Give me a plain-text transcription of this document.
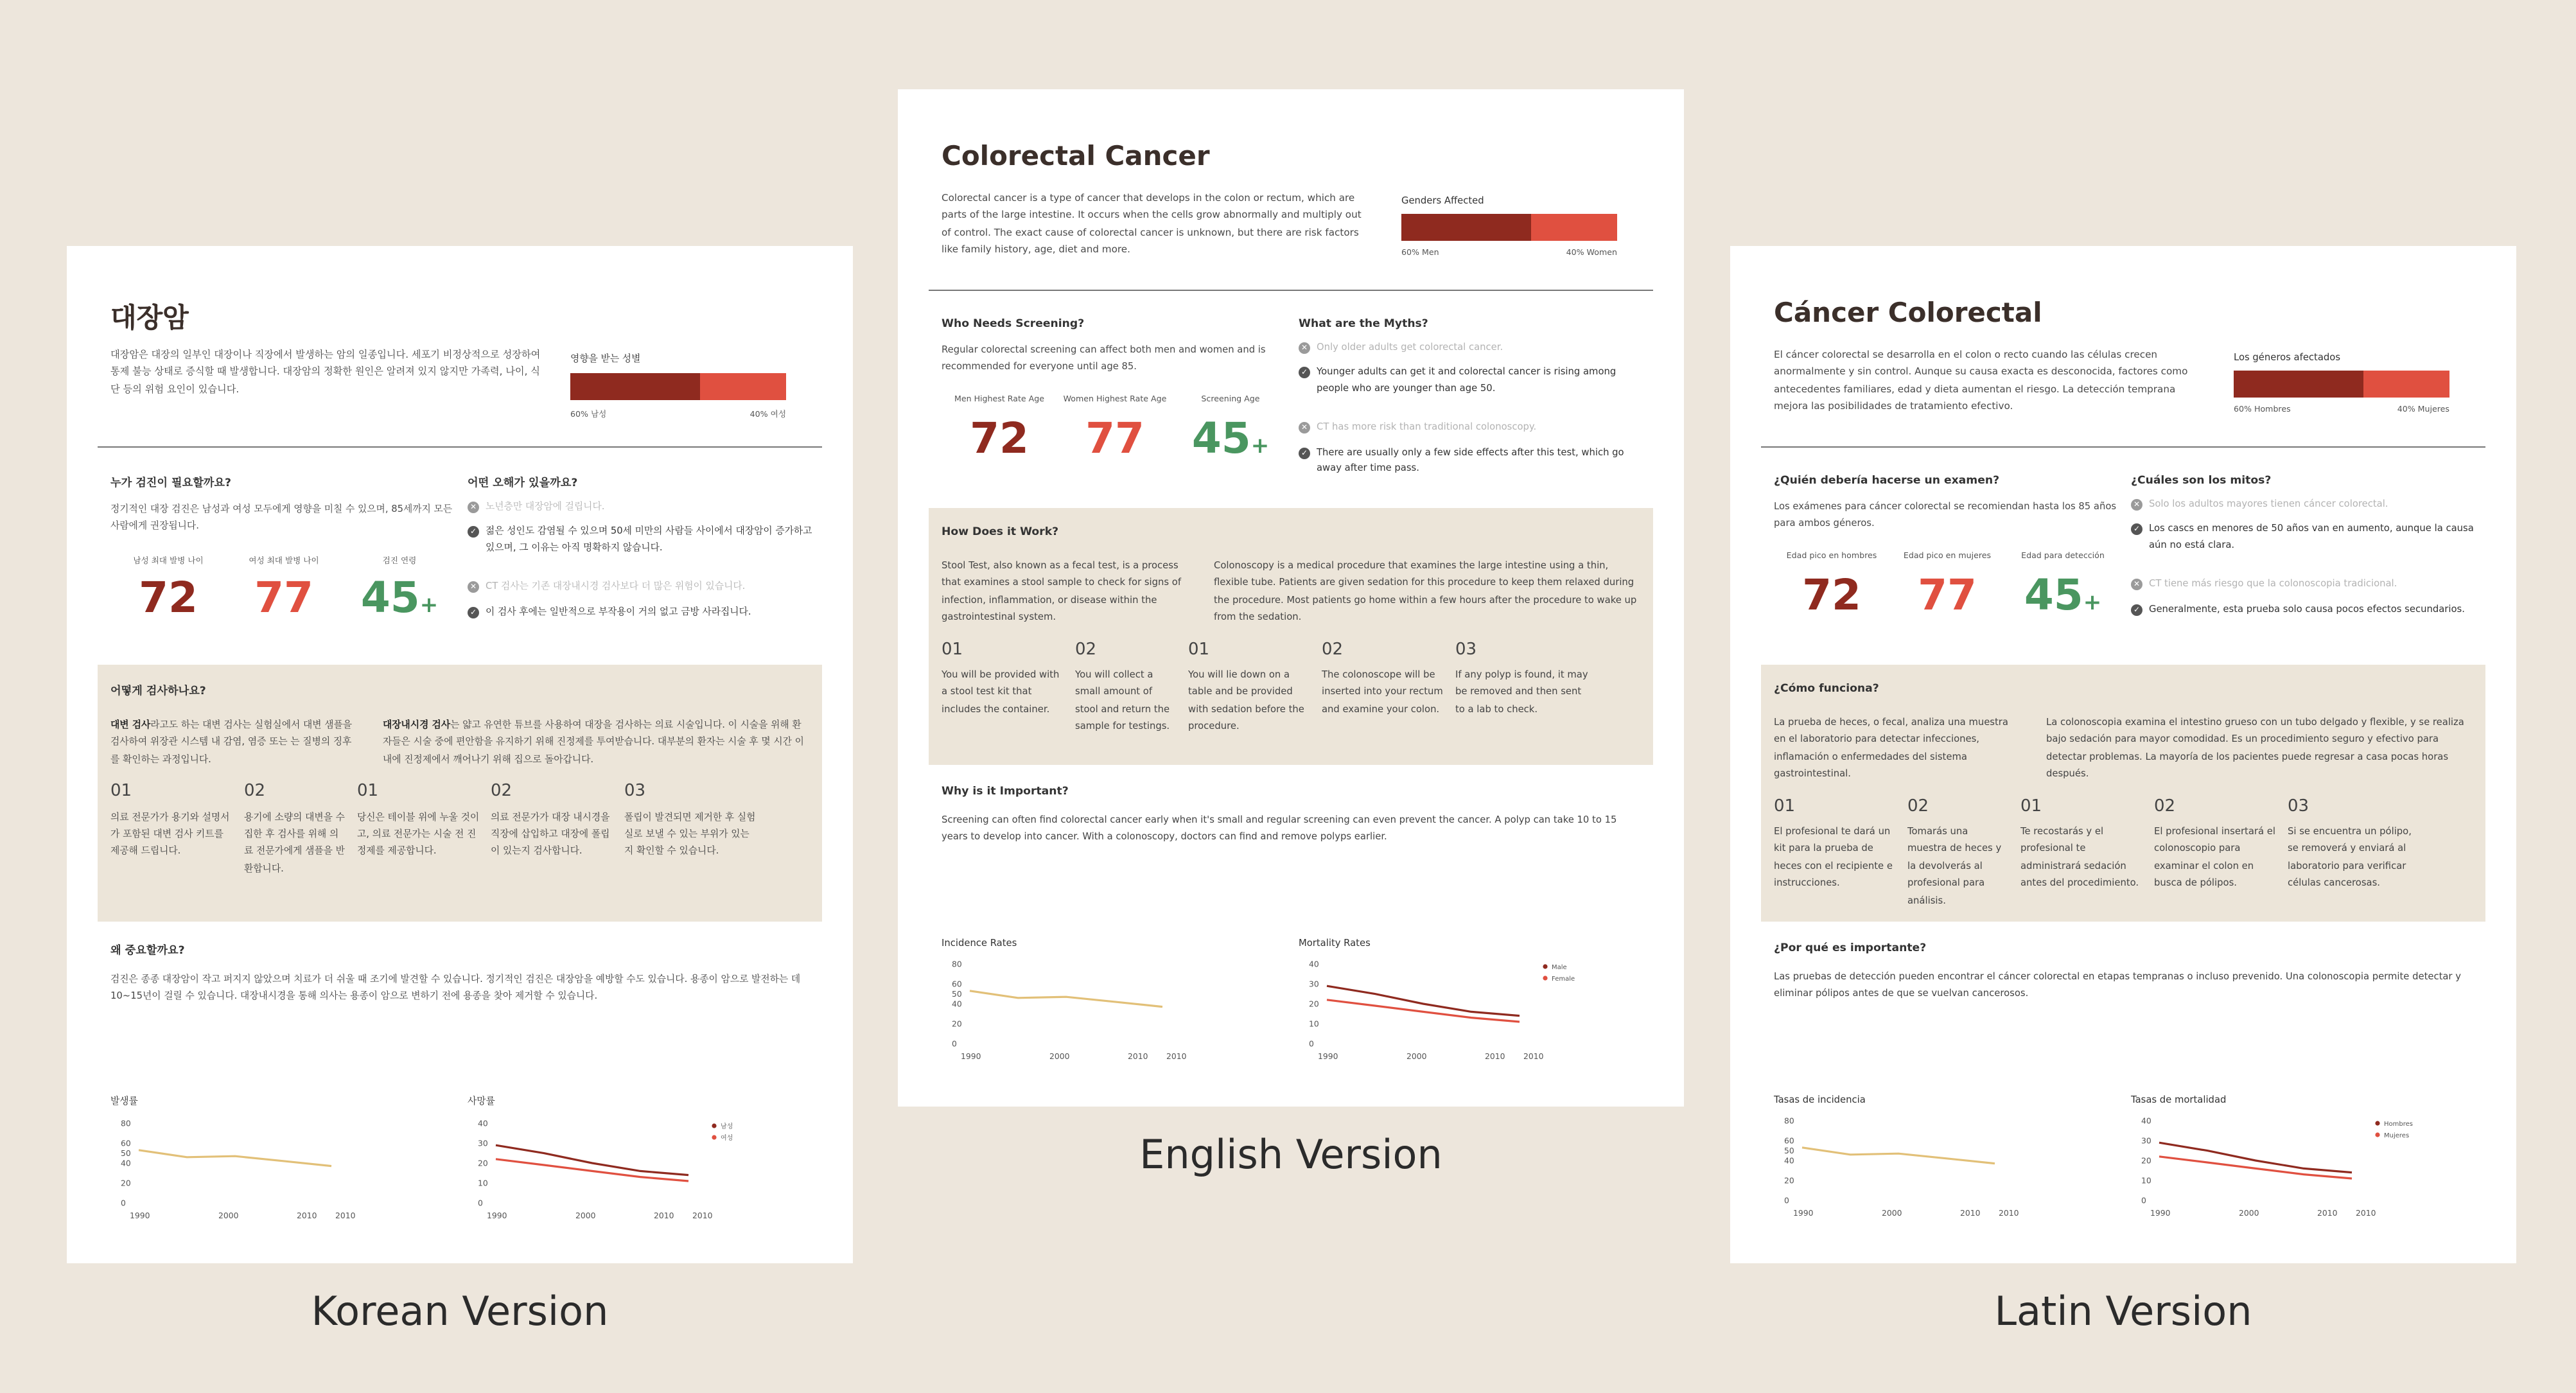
대장암
대장암은 대장의 일부인 대장이나 직장에서 발생하는 암의 일종입니다. 세포기 비정상적으로 성장하여 통제 불능 상태로 증식할 때 발생합니다. 대장암의 정확한 원인은 알려져 있지 않지만 가족력, 나이, 식단 등의 위험 요인이 있습니다.
영향을 받는 성별
60% 남성	40% 여성
누가 검진이 필요할까요?
정기적인 대장 검진은 남성과 여성 모두에게 영향을 미칠 수 있으며, 85세까지 모든 사람에게 권장됩니다.
남성 최대 발병 나이
72
여성 최대 발병 나이
77
검진 연령
45+
어떤 오해가 있을까요?
✕	노년층만 대장암에 걸립니다.
✓	젊은 성인도 감염될 수 있으며 50세 미만의 사람들 사이에서 대장암이 증가하고 있으며, 그 이유는 아직 명확하지 않습니다.
✕	CT 검사는 기존 대장내시경 검사보다 더 많은 위험이 있습니다.
✓	이 검사 후에는 일반적으로 부작용이 거의 없고 금방 사라집니다.
어떻게 검사하나요?
대변 검사라고도 하는 대변 검사는 실험실에서 대변 샘플을 검사하여 위장관 시스템 내 감염, 염증 또는 는 질병의 징후를 확인하는 과정입니다.
대장내시경 검사는 얇고 유연한 튜브를 사용하여 대장을 검사하는 의료 시술입니다. 이 시술을 위해 환자들은 시술 중에 편안함을 유지하기 위해 진정제를 투여받습니다. 대부분의 환자는 시술 후 몇 시간 이내에 진정제에서 깨어나기 위해 집으로 돌아갑니다.
01
의료 전문가가 용기와 설명서가 포함된 대변 검사 키트를 제공해 드립니다.
02
용기에 소량의 대변을 수집한 후 검사를 위해 의료 전문가에게 샘플을 반환합니다.
01
당신은 테이블 위에 누울 것이고, 의료 전문가는 시술 전 진정제를 제공합니다.
02
의료 전문가가 대장 내시경을 직장에 삽입하고 대장에 폴립이 있는지 검사합니다.
03
폴립이 발견되면 제거한 후 실험실로 보낼 수 있는 부위가 있는지 확인할 수 있습니다.
왜 중요할까요?
검진은 종종 대장암이 작고 퍼지지 않았으며 치료가 더 쉬울 때 조기에 발견할 수 있습니다. 정기적인 검진은 대장암을 예방할 수도 있습니다. 용종이 암으로 발전하는 데 10~15년이 걸릴 수 있습니다. 대장내시경을 통해 의사는 용종이 암으로 변하기 전에 용종을 찾아 제거할 수 있습니다.
발생률
0
20
40
50
60
80
1990	2000	2010	2010
사망률
0
10
20
30
40
1990	2000	2010	2010
남성
여성
Colorectal Cancer
Colorectal cancer is a type of cancer that develops in the colon or rectum, which are parts of the large intestine. It occurs when the cells grow abnormally and multiply out of control. The exact cause of colorectal cancer is unknown, but there are risk factors like family history, age, diet and more.
Genders Affected
60% Men	40% Women
Who Needs Screening?
Regular colorectal screening can affect both men and women and is recommended for everyone until age 85.
Men Highest Rate Age
72
Women Highest Rate Age
77
Screening Age
45+
What are the Myths?
✕	Only older adults get colorectal cancer.
✓	Younger adults can get it and colorectal cancer is rising among people who are younger than age 50.
✕	CT has more risk than traditional colonoscopy.
✓	There are usually only a few side effects after this test, which go away after time pass.
How Does it Work?
Stool Test, also known as a fecal test, is a process that examines a stool sample to check for signs of infection, inflammation, or disease within the gastrointestinal system.
Colonoscopy is a medical procedure that examines the large intestine using a thin, flexible tube. Patients are given sedation for this procedure to keep them relaxed during the procedure. Most patients go home within a few hours after the procedure to wake up from the sedation.
01
You will be provided with a stool test kit that includes the container.
02
You will collect a small amount of stool and return the sample for testings.
01
You will lie down on a table and be provided with sedation before the procedure.
02
The colonoscope will be inserted into your rectum and examine your colon.
03
If any polyp is found, it may be removed and then sent to a lab to check.
Why is it Important?
Screening can often find colorectal cancer early when it's small and regular screening can even prevent the cancer. A polyp can take 10 to 15 years to develop into cancer. With a colonoscopy, doctors can find and remove polyps earlier.
Incidence Rates
0
20
40
50
60
80
1990	2000	2010	2010
Mortality Rates
0
10
20
30
40
1990	2000	2010	2010
Male
Female
Cáncer Colorectal
El cáncer colorectal se desarrolla en el colon o recto cuando las células crecen anormalmente y sin control. Aunque su causa exacta es desconocida, factores como antecedentes familiares, edad y dieta aumentan el riesgo. La detección temprana mejora las posibilidades de tratamiento efectivo.
Los géneros afectados
60% Hombres	40% Mujeres
¿Quién debería hacerse un examen?
Los exámenes para cáncer colorectal se recomiendan hasta los 85 años para ambos géneros.
Edad pico en hombres
72
Edad pico en mujeres
77
Edad para detección
45+
¿Cuáles son los mitos?
✕	Solo los adultos mayores tienen cáncer colorectal.
✓	Los cascs en menores de 50 años van en aumento, aunque la causa aún no está clara.
✕	CT tiene más riesgo que la colonoscopia tradicional.
✓	Generalmente, esta prueba solo causa pocos efectos secundarios.
¿Cómo funciona?
La prueba de heces, o fecal, analiza una muestra en el laboratorio para detectar infecciones, inflamación o enfermedades del sistema gastrointestinal.
La colonoscopia examina el intestino grueso con un tubo delgado y flexible, y se realiza bajo sedación para mayor comodidad. Es un procedimiento seguro y efectivo para detectar problemas. La mayoría de los pacientes puede regresar a casa pocas horas después.
01
El profesional te dará un kit para la prueba de heces con el recipiente e instrucciones.
02
Tomarás una muestra de heces y la devolverás al profesional para análisis.
01
Te recostarás y el profesional te administrará sedación antes del procedimiento.
02
El profesional insertará el colonoscopio para examinar el colon en busca de pólipos.
03
Si se encuentra un pólipo, se removerá y enviará al laboratorio para verificar células cancerosas.
¿Por qué es importante?
Las pruebas de detección pueden encontrar el cáncer colorectal en etapas tempranas o incluso prevenido. Una colonoscopia permite detectar y eliminar pólipos antes de que se vuelvan cancerosos.
Tasas de incidencia
0
20
40
50
60
80
1990	2000	2010	2010
Tasas de mortalidad
0
10
20
30
40
1990	2000	2010	2010
Hombres
Mujeres
Korean Version
English Version
Latin Version
